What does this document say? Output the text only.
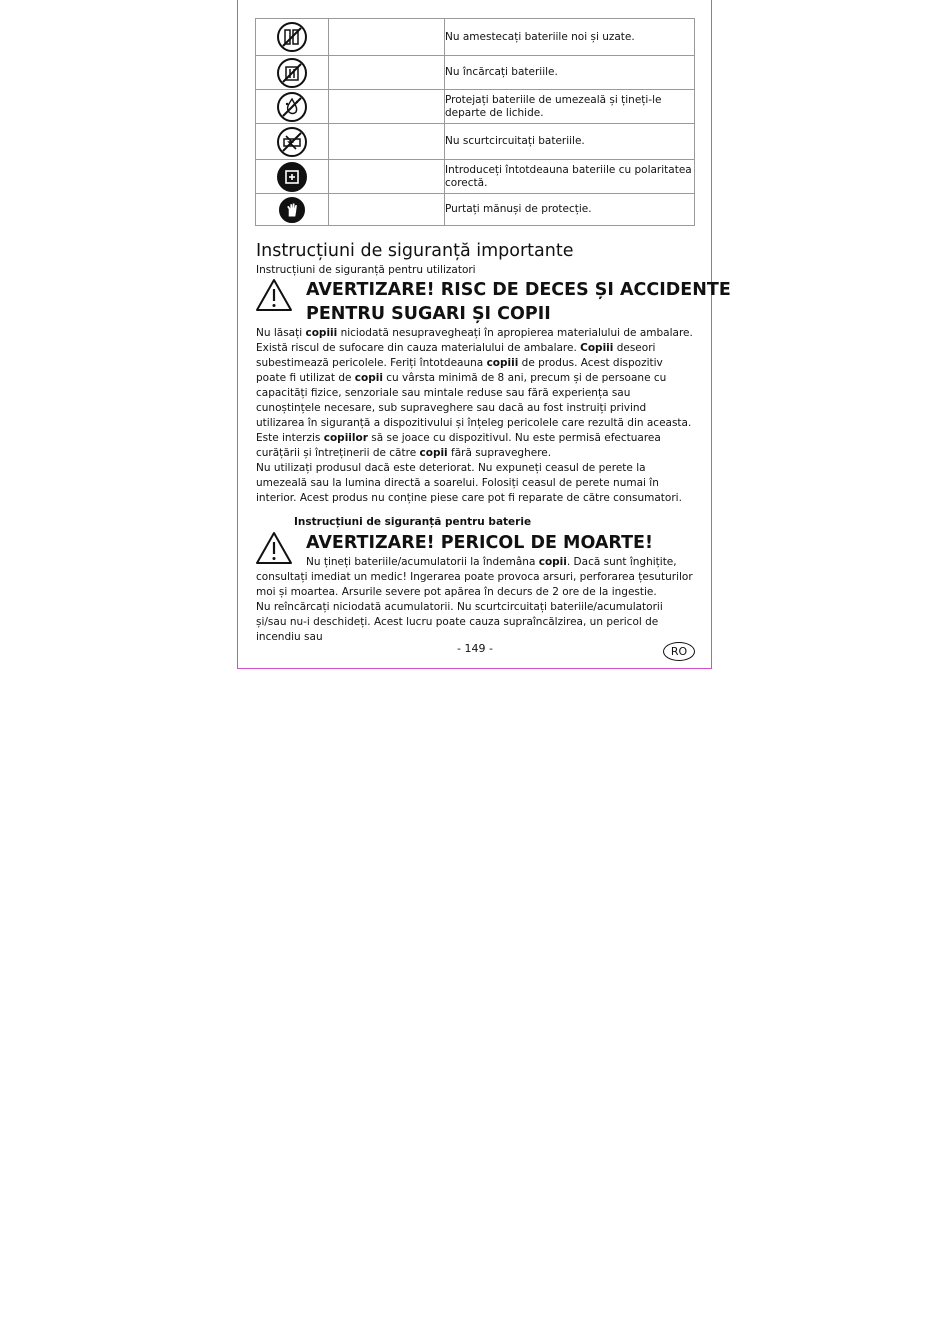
		Nu amestecați bateriile noi și uzate.

		Nu încărcați bateriile.

		Protejați bateriile de umezeală și țineți-le departe de lichide.

		Nu scurtcircuitați bateriile.

		Introduceți întotdeauna bateriile cu polaritatea corectă.

		Purtați mănuși de protecție.
Instrucțiuni de siguranță importante
Instrucțiuni de siguranță pentru utilizatori
AVERTIZARE! RISC DE DECES ȘI ACCIDENTE
PENTRU SUGARI ȘI COPII

Nu lăsați copiii niciodată nesupravegheați în apropierea materialului de ambalare. Există riscul de sufocare din cauza materialului de ambalare. Copiii deseori subestimează pericolele. Feriți întotdeauna copiii de produs. Acest dispozitiv poate fi utilizat de copii cu vârsta minimă de 8 ani, precum și de persoane cu capacități fizice, senzoriale sau mintale reduse sau fără experiența sau cunoștințele necesare, sub supraveghere sau dacă au fost instruiți privind utilizarea în siguranță a dispozitivului și înțeleg pericolele care rezultă din aceasta. Este interzis copiilor să se joace cu dispozitivul. Nu este permisă efectuarea curățării și întreținerii de către copii fără supraveghere.

Nu utilizați produsul dacă este deteriorat. Nu expuneți ceasul de perete la umezeală sau la lumina directă a soarelui. Folosiți ceasul de perete numai în interior. Acest produs nu conține piese care pot fi reparate de către consumatori.

Instrucțiuni de siguranță pentru baterie
AVERTIZARE! PERICOL DE MOARTE!

Nu țineți bateriile/acumulatorii la îndemâna copii. Dacă sunt înghițite, consultați imediat un medic! Ingerarea poate provoca arsuri, perforarea țesuturilor moi și moartea. Arsurile severe pot apărea în decurs de 2 ore de la ingestie.

Nu reîncărcați niciodată acumulatorii. Nu scurtcircuitați bateriile/acumulatorii și/sau nu-i deschideți. Acest lucru poate cauza supraîncălzirea, un pericol de incendiu sau

- 149 -	RO
